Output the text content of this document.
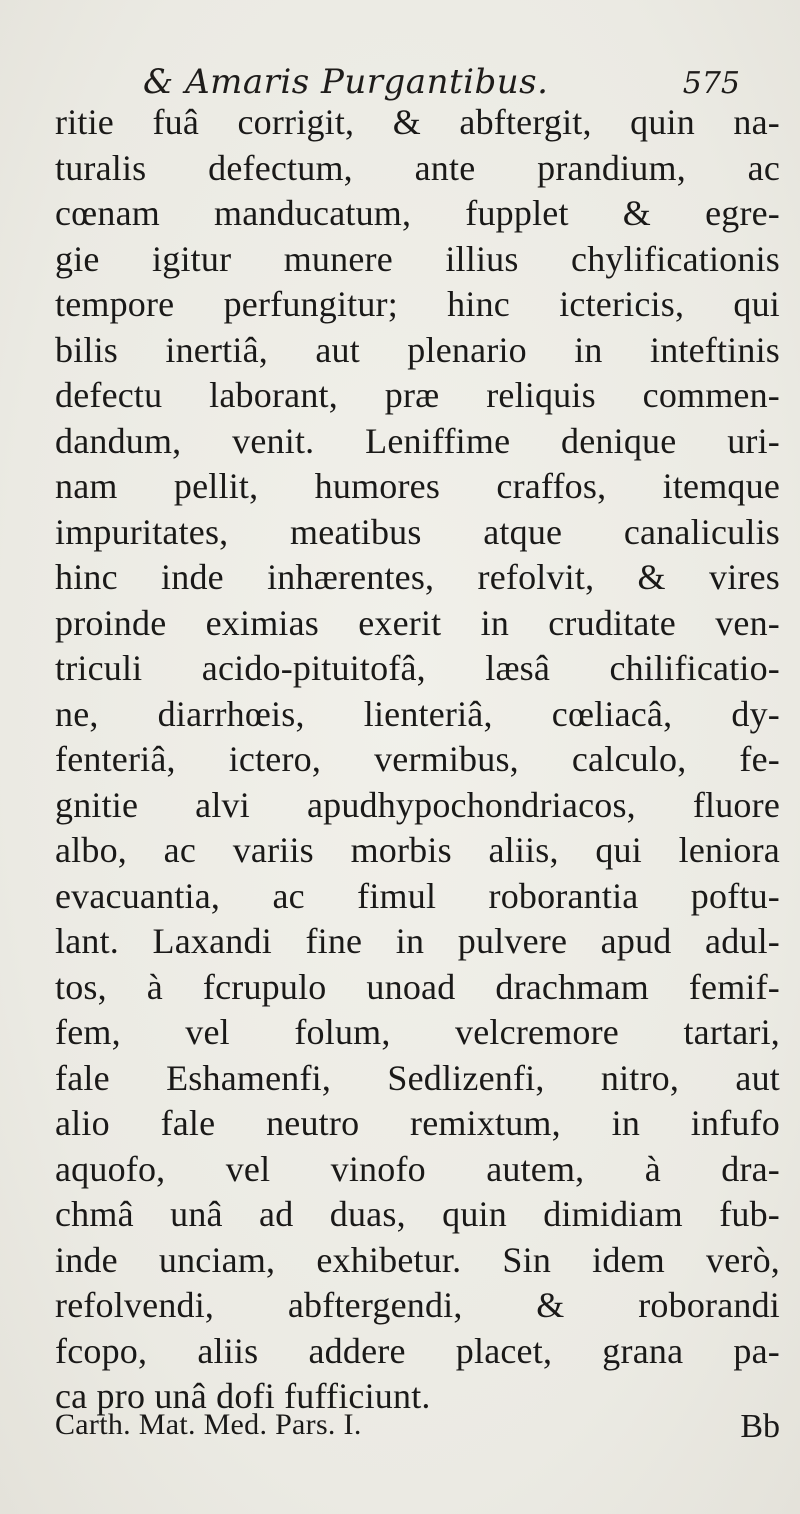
& Amaris Purgantibus.	575
ritie fuâ corrigit, & abftergit, quin na-
turalis defectum, ante prandium, ac
cœnam manducatum, fupplet & egre-
gie igitur munere illius chylificationis
tempore perfungitur; hinc ictericis, qui
bilis inertiâ, aut plenario in inteftinis
defectu laborant, præ reliquis commen-
dandum, venit. Leniffime denique uri-
nam pellit, humores craffos, itemque
impuritates, meatibus atque canaliculis
hinc inde inhærentes, refolvit, & vires
proinde eximias exerit in cruditate ven-
triculi acido-pituitofâ, læsâ chilificatio-
ne, diarrhœis, lienteriâ, cœliacâ, dy-
fenteriâ, ictero, vermibus, calculo, fe-
gnitie alvi apudhypochondriacos, fluore
albo, ac variis morbis aliis, qui leniora
evacuantia, ac fimul roborantia poftu-
lant. Laxandi fine in pulvere apud adul-
tos, à fcrupulo unoad drachmam femif-
fem, vel folum, velcremore tartari,
fale Eshamenfi, Sedlizenfi, nitro, aut
alio fale neutro remixtum, in infufo
aquofo, vel vinofo autem, à dra-
chmâ unâ ad duas, quin dimidiam fub-
inde unciam, exhibetur. Sin idem verò,
refolvendi, abftergendi, & roborandi
fcopo, aliis addere placet, grana pa-
ca pro unâ dofi fufficiunt.
Carth. Mat. Med. Pars. I.	Bb
